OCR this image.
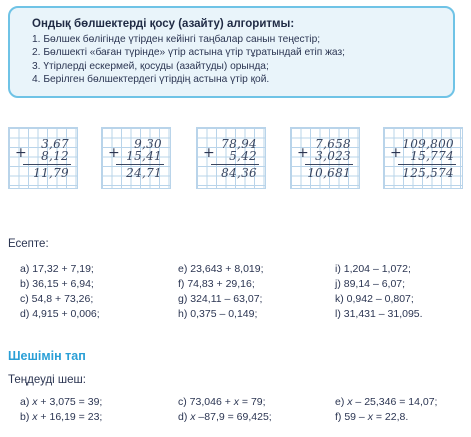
Ондық бөлшектерді қосу (азайту) алгоритмы:
1. Бөлшек бөлігінде үтірден кейінгі таңбалар санын теңестір;
2. Бөлшекті «баған түрінде» үтір астына үтір тұратындай етіп жаз;
3. Үтірлерді ескермей, қосуды (азайтуды) орында;
4. Берілген бөлшектердегі үтірдің астына үтір қой.
+
3,67
8,12
11,79
+
9,30
15,41
24,71
+
78,94
5,42
84,36
+
7,658
3,023
10,681
+
109,800
15,774
125,574
Есепте:
a) 17,32 + 7,19;	e) 23,643 + 8,019;	i) 1,204 – 1,072;
b) 36,15 + 6,94;	f) 74,83 + 29,16;	j) 89,14 – 6,07;
c) 54,8 + 73,26;	g) 324,11 – 63,07;	k) 0,942 – 0,807;
d) 4,915 + 0,006;	h) 0,375 – 0,149;	l) 31,431 – 31,095.
Шешімін тап
Теңдеуді шеш:
a) x + 3,075 = 39;	c) 73,046 + x = 79;	e) x – 25,346 = 14,07;
b) x + 16,19 = 23;	d) x –87,9 = 69,425;	f) 59 – x = 22,8.
